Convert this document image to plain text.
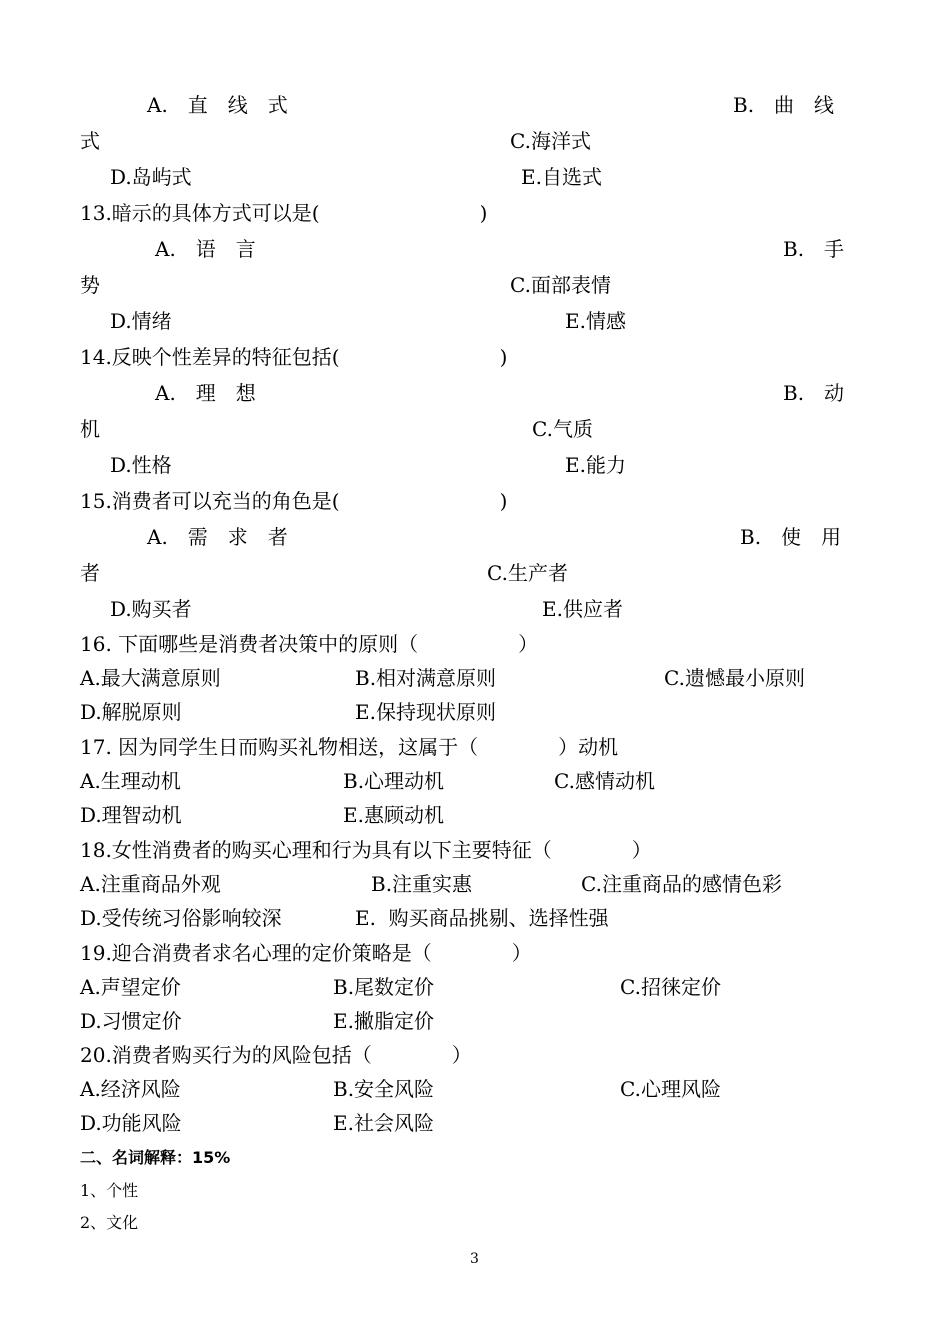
A.　直　线　式	B.　曲　线
式	C.海洋式
D.岛屿式	E.自选式
13.暗示的具体方式可以是(　　　　　　　　)
A.　语　言	B.　手
势	C.面部表情
D.情绪	E.情感
14.反映个性差异的特征包括(　　　　　　　　)
A.　理　想	B.　动
机	C.气质
D.性格	E.能力
15.消费者可以充当的角色是(　　　　　　　　)
A.　需　求　者	B.　使　用
者	C.生产者
D.购买者	E.供应者
16. 下面哪些是消费者决策中的原则（　　　　　）
A.最大满意原则	B.相对满意原则	C.遗憾最小原则
D.解脱原则	E.保持现状原则
17. 因为同学生日而购买礼物相送，这属于（　　　　）动机
A.生理动机	B.心理动机	C.感情动机
D.理智动机	E.惠顾动机
18.女性消费者的购买心理和行为具有以下主要特征（　　　　）
A.注重商品外观	B.注重实惠	C.注重商品的感情色彩
D.受传统习俗影响较深	E.  购买商品挑剔、选择性强
19.迎合消费者求名心理的定价策略是（　　　　）
A.声望定价	B.尾数定价	C.招徕定价
D.习惯定价	E.撇脂定价
20.消费者购买行为的风险包括（　　　　）
A.经济风险	B.安全风险	C.心理风险
D.功能风险	E.社会风险
二、名词解释：15%
1、个性
2、文化
3
